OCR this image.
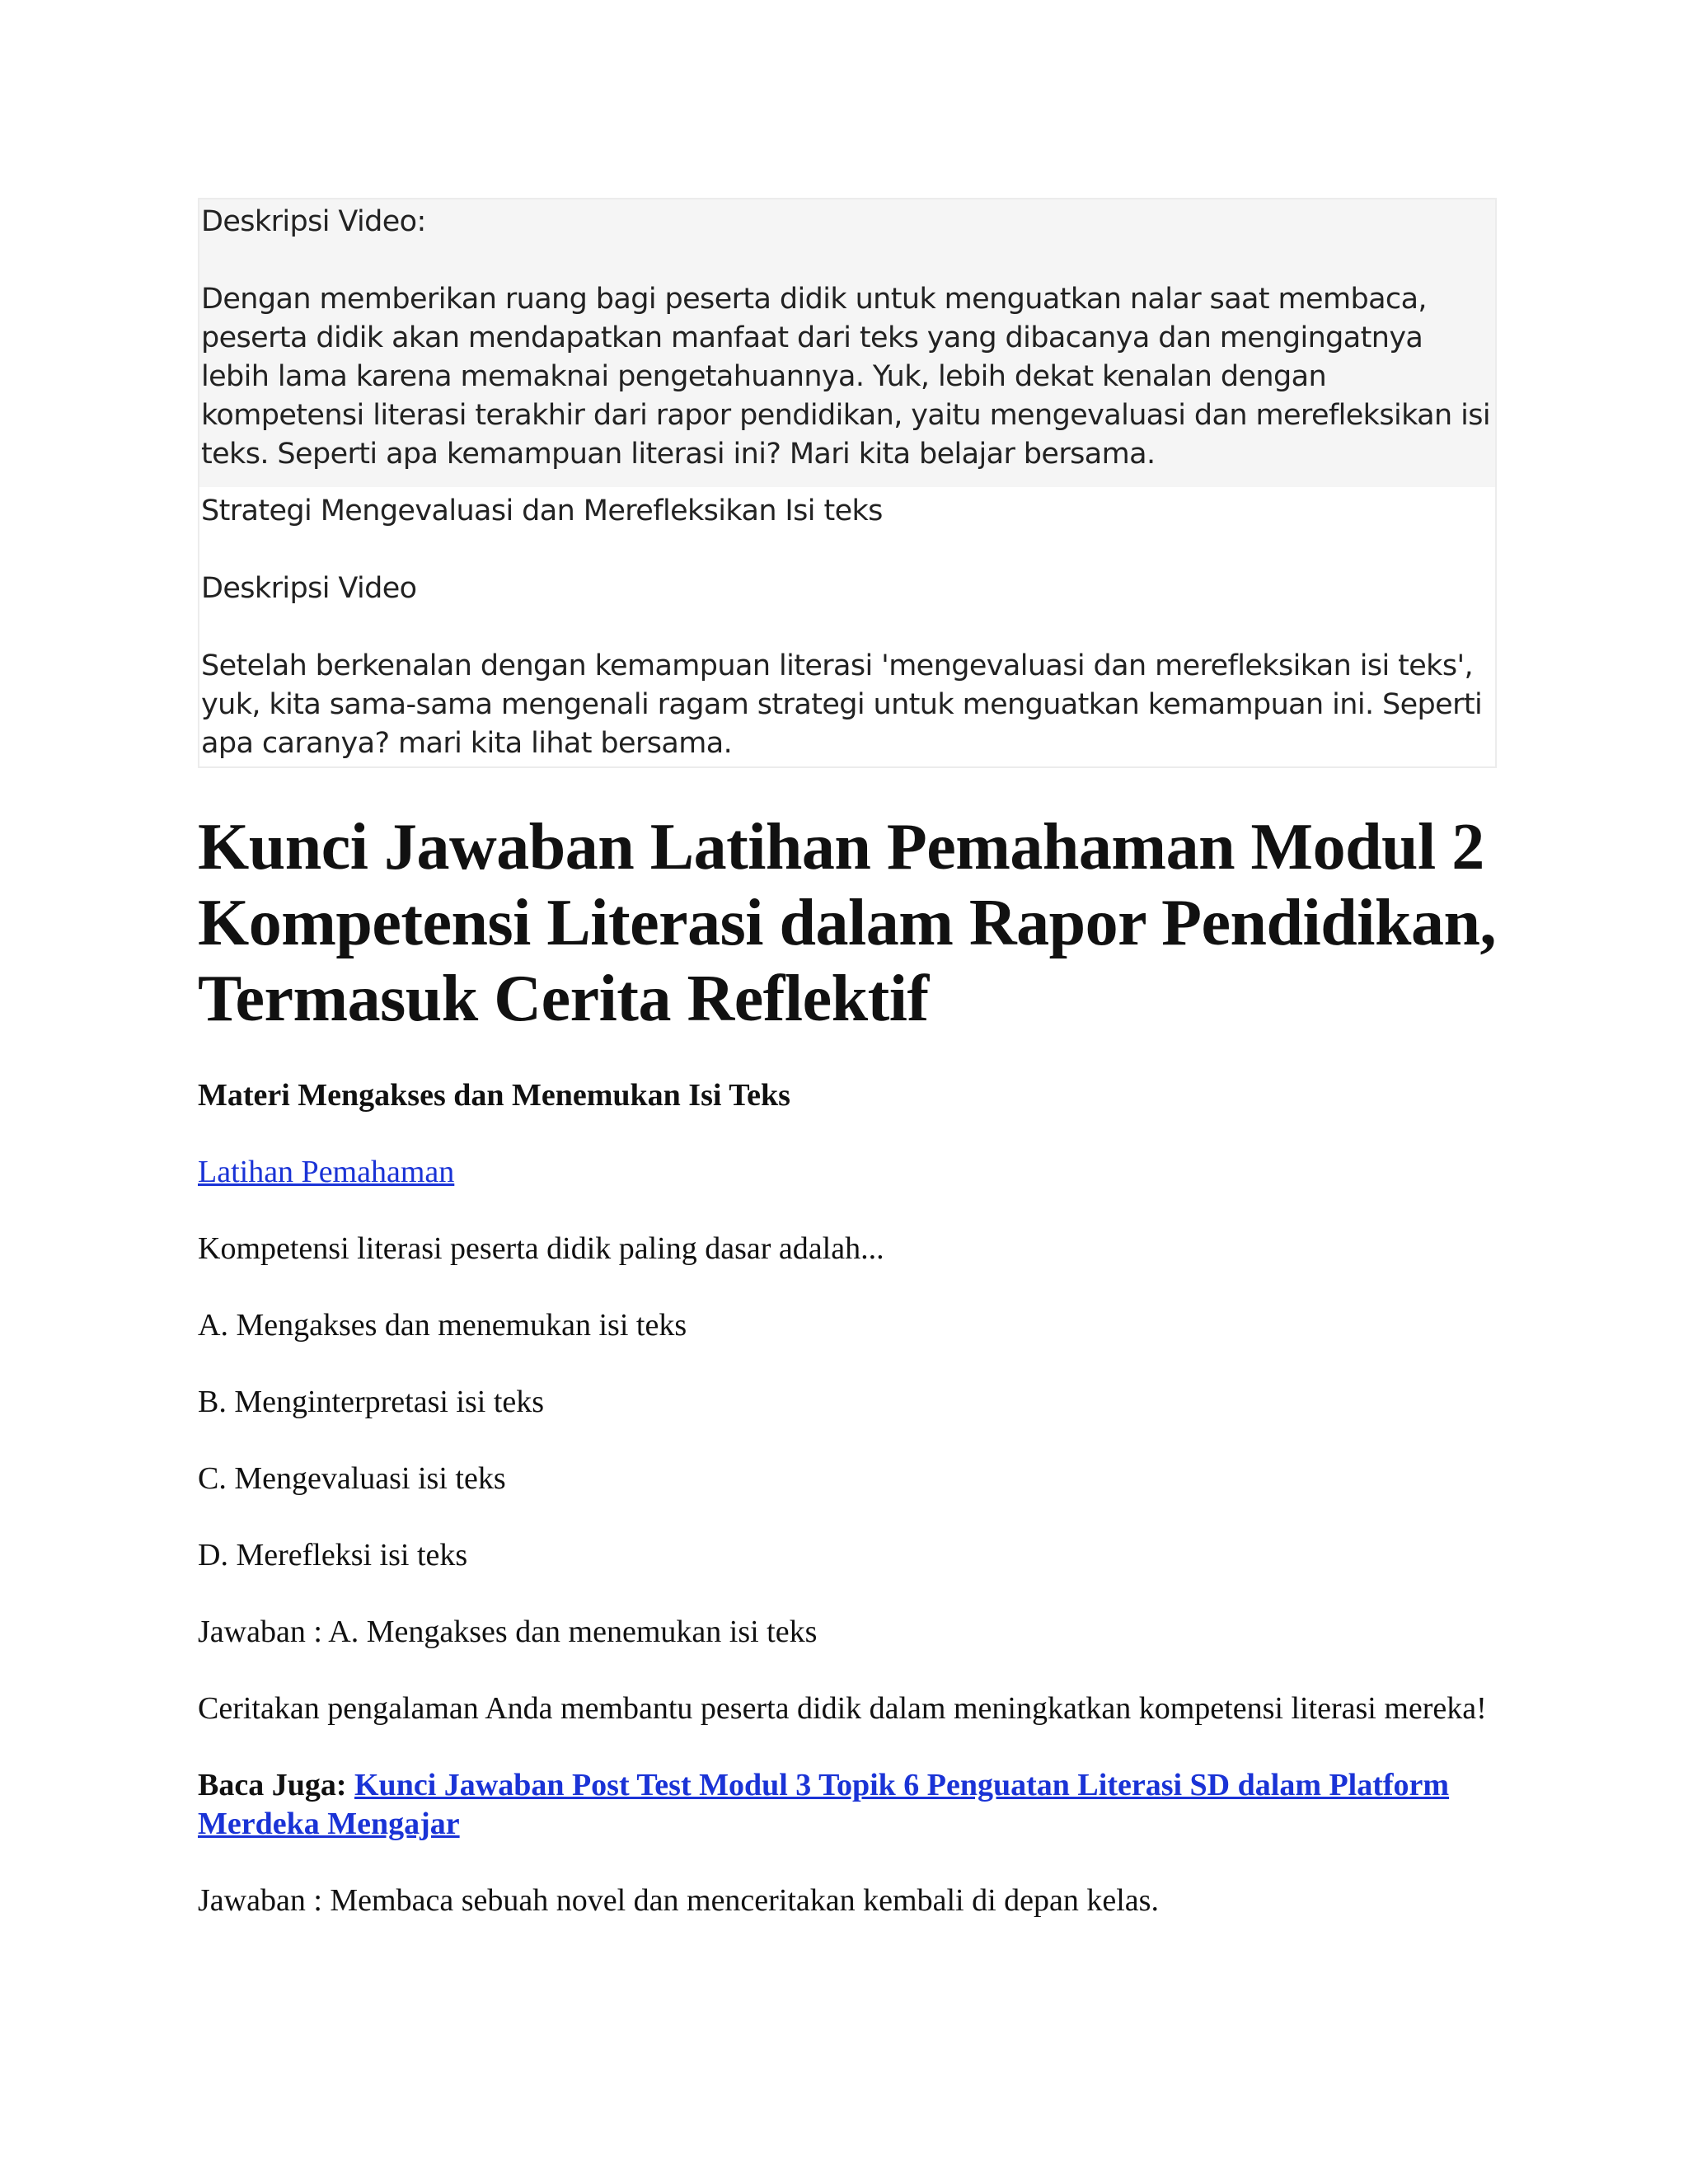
Deskripsi Video:

Dengan memberikan ruang bagi peserta didik untuk menguatkan nalar saat membaca, peserta didik akan mendapatkan manfaat dari teks yang dibacanya dan mengingatnya lebih lama karena memaknai pengetahuannya. Yuk, lebih dekat kenalan dengan kompetensi literasi terakhir dari rapor pendidikan, yaitu mengevaluasi dan merefleksikan isi teks. Seperti apa kemampuan literasi ini? Mari kita belajar bersama.

Strategi Mengevaluasi dan Merefleksikan Isi teks

Deskripsi Video

Setelah berkenalan dengan kemampuan literasi 'mengevaluasi dan merefleksikan isi teks', yuk, kita sama-sama mengenali ragam strategi untuk menguatkan kemampuan ini. Seperti apa caranya? mari kita lihat bersama.

Kunci Jawaban Latihan Pemahaman Modul 2 Kompetensi Literasi dalam Rapor Pendidikan, Termasuk Cerita Reflektif
Materi Mengakses dan Menemukan Isi Teks

Latihan Pemahaman

Kompetensi literasi peserta didik paling dasar adalah...

A. Mengakses dan menemukan isi teks

B. Menginterpretasi isi teks

C. Mengevaluasi isi teks

D. Merefleksi isi teks

Jawaban : A. Mengakses dan menemukan isi teks

Ceritakan pengalaman Anda membantu peserta didik dalam meningkatkan kompetensi literasi mereka!

Baca Juga: Kunci Jawaban Post Test Modul 3 Topik 6 Penguatan Literasi SD dalam Platform Merdeka Mengajar

Jawaban : Membaca sebuah novel dan menceritakan kembali di depan kelas.
